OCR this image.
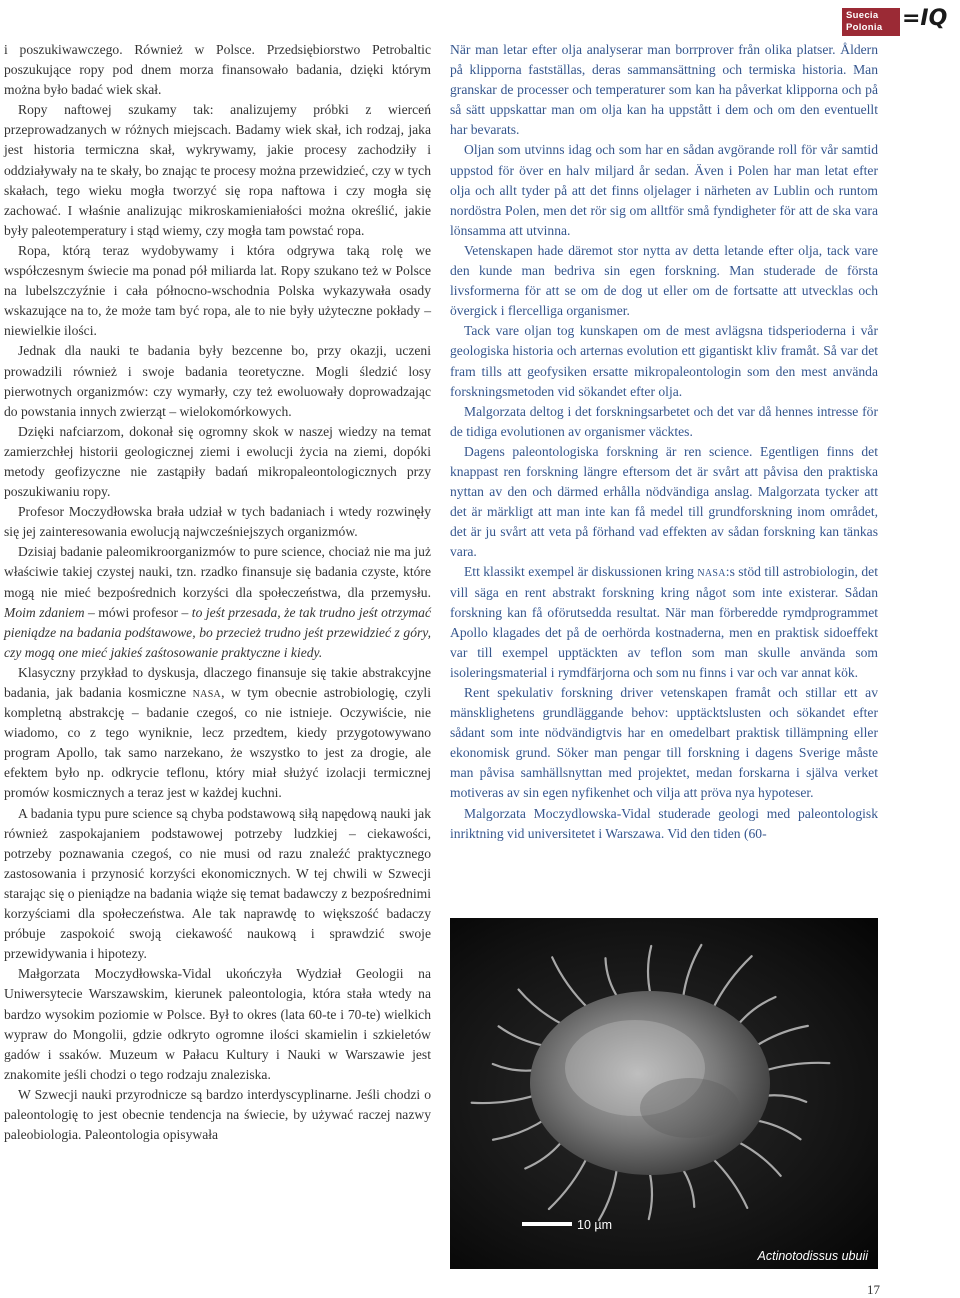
Suecia
Polonia =IQ

i poszukiwawczego. Również w Polsce. Przedsiębiorstwo Petrobaltic poszukujące ropy pod dnem morza finansowało badania, dzięki którym można było badać wiek skał.

Ropy naftowej szukamy tak: analizujemy próbki z wierceń przeprowadzanych w różnych miejscach. Badamy wiek skał, ich rodzaj, jaka jest historia termiczna skał, wykrywamy, jakie procesy zachodziły i oddziaływały na te skały, bo znając te procesy można przewidzieć, czy w tych skałach, tego wieku mogła tworzyć się ropa naftowa i czy mogła się zachować. I właśnie analizując mikroskamieniałości można określić, jakie były paleotemperatury i stąd wiemy, czy mogła tam powstać ropa.

Ropa, którą teraz wydobywamy i która odgrywa taką rolę we współczesnym świecie ma ponad pół miliarda lat. Ropy szukano też w Polsce na lubelszczyźnie i cała północno-wschodnia Polska wykazywała osady wskazujące na to, że może tam być ropa, ale to nie były użyteczne pokłady – niewielkie ilości.

Jednak dla nauki te badania były bezcenne bo, przy okazji, uczeni prowadzili również i swoje badania teoretyczne. Mogli śledzić losy pierwotnych organizmów: czy wymarły, czy też ewoluowały doprowadzając do powstania innych zwierząt – wielokomórkowych.

Dzięki nafciarzom, dokonał się ogromny skok w naszej wiedzy na temat zamierzchłej historii geologicznej ziemi i ewolucji życia na ziemi, dopóki metody geofizyczne nie zastąpiły badań mikropaleontologicznych przy poszukiwaniu ropy.

Profesor Moczydłowska brała udział w tych badaniach i wtedy rozwinęły się jej zainteresowania ewolucją najwcześniejszych organizmów.

Dzisiaj badanie paleomikroorganizmów to pure science, chociaż nie ma już właściwie takiej czystej nauki, tzn. rzadko finansuje się badania czyste, które mogą nie mieć bezpośrednich korzyści dla społeczeństwa, dla przemysłu. Moim zdaniem – mówi profesor – to jeśt przesada, że tak trudno jeśt otrzymać pieniądze na badania podśtawowe, bo przecież trudno jeśt przewidzieć z góry, czy mogą one mieć jakieś zaśtosowanie praktyczne i kiedy.

Klasyczny przykład to dyskusja, dlaczego finansuje się takie abstrakcyjne badania, jak badania kosmiczne nasa, w tym obecnie astrobiologię, czyli kompletną abstrakcję – badanie czegoś, co nie istnieje. Oczywiście, nie wiadomo, co z tego wyniknie, lecz przedtem, kiedy przygotowywano program Apollo, tak samo narzekano, że wszystko to jest za drogie, ale efektem było np. odkrycie teflonu, który miał służyć izolacji termicznej promów kosmicznych a teraz jest w każdej kuchni.

A badania typu pure science są chyba podstawową siłą napędową nauki jak również zaspokajaniem podstawowej potrzeby ludzkiej – ciekawości, potrzeby poznawania czegoś, co nie musi od razu znaleźć praktycznego zastosowania i przynosić korzyści ekonomicznych. W tej chwili w Szwecji starając się o pieniądze na badania wiąże się temat badawczy z bezpośrednimi korzyściami dla społeczeństwa. Ale tak naprawdę to większość badaczy próbuje zaspokoić swoją ciekawość naukową i sprawdzić swoje przewidywania i hipotezy.

Małgorzata Moczydłowska-Vidal ukończyła Wydział Geologii na Uniwersytecie Warszawskim, kierunek paleontologia, która stała wtedy na bardzo wysokim poziomie w Polsce. Był to okres (lata 60-te i 70-te) wielkich wypraw do Mongolii, gdzie odkryto ogromne ilości skamielin i szkieletów gadów i ssaków. Muzeum w Pałacu Kultury i Nauki w Warszawie jest znakomite jeśli chodzi o tego rodzaju znaleziska.

W Szwecji nauki przyrodnicze są bardzo interdyscyplinarne. Jeśli chodzi o paleontologię to jest obecnie tendencja na świecie, by używać raczej nazwy paleobiologia. Paleontologia opisywała

När man letar efter olja analyserar man borrprover från olika platser. Åldern på klipporna fastställas, deras sammansättning och termiska historia. Man granskar de processer och temperaturer som kan ha påverkat klipporna och på så sätt uppskattar man om olja kan ha uppstått i dem och om den eventuellt har bevarats.

Oljan som utvinns idag och som har en sådan avgörande roll för vår samtid uppstod för över en halv miljard år sedan. Även i Polen har man letat efter olja och allt tyder på att det finns oljelager i närheten av Lublin och runtom nordöstra Polen, men det rör sig om alltför små fyndigheter för att de ska vara lönsamma att utvinna.

Vetenskapen hade däremot stor nytta av detta letande efter olja, tack vare den kunde man bedriva sin egen forskning. Man studerade de första livsformerna för att se om de dog ut eller om de fortsatte att utvecklas och övergick i flercelliga organismer.

Tack vare oljan tog kunskapen om de mest avlägsna tidsperioderna i vår geologiska historia och arternas evolution ett gigantiskt kliv framåt. Så var det fram tills att geofysiken ersatte mikropaleontologin som den mest använda forskningsmetoden vid sökandet efter olja.

Malgorzata deltog i det forskningsarbetet och det var då hennes intresse för de tidiga evolutionen av organismer väcktes.

Dagens paleontologiska forskning är ren science. Egentligen finns det knappast ren forskning längre eftersom det är svårt att påvisa den praktiska nyttan av den och därmed erhålla nödvändiga anslag. Malgorzata tycker att det är märkligt att man inte kan få medel till grundforskning inom området, det är ju svårt att veta på förhand vad effekten av sådan forskning kan tänkas vara.

Ett klassikt exempel är diskussionen kring nasa:s stöd till astrobiologin, det vill säga en rent abstrakt forskning kring något som inte existerar. Sådan forskning kan få oförutsedda resultat. När man förberedde rymdprogrammet Apollo klagades det på de oerhörda kostnaderna, men en praktisk sidoeffekt var till exempel upptäckten av teflon som man skulle använda som isoleringsmaterial i rymdfärjorna och som nu finns i var och var annat kök.

Rent spekulativ forskning driver vetenskapen framåt och stillar ett av mänsklighetens grundläggande behov: upptäcktslusten och sökandet efter sådant som inte nödvändigtvis har en omedelbart praktisk tillämpning eller ekonomisk grund. Söker man pengar till forskning i dagens Sverige måste man påvisa samhällsnyttan med projektet, medan forskarna i själva verket motiveras av sin egen nyfikenhet och vilja att pröva nya hypoteser.

Malgorzata Moczydlowska-Vidal studerade geologi med paleontologisk inriktning vid universitetet i Warszawa. Vid den tiden (60-

10 µm
Actinotodissus ubuii
17
